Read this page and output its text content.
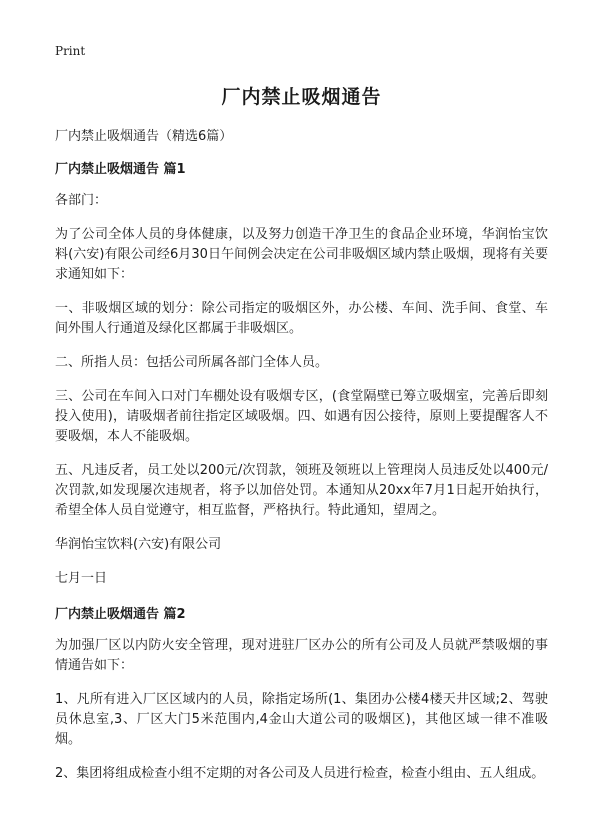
Print
厂内禁止吸烟通告
厂内禁止吸烟通告（精选6篇）
厂内禁止吸烟通告 篇1
各部门：
为了公司全体人员的身体健康，以及努力创造干净卫生的食品企业环境，华润怡宝饮料(六安)有限公司经6月30日午间例会决定在公司非吸烟区域内禁止吸烟，现将有关要求通知如下：
一、非吸烟区域的划分：除公司指定的吸烟区外，办公楼、车间、洗手间、食堂、车间外围人行通道及绿化区都属于非吸烟区。
二、所指人员：包括公司所属各部门全体人员。
三、公司在车间入口对门车棚处设有吸烟专区，(食堂隔壁已筹立吸烟室，完善后即刻投入使用)，请吸烟者前往指定区域吸烟。四、如遇有因公接待，原则上要提醒客人不要吸烟，本人不能吸烟。
五、凡违反者，员工处以200元/次罚款，领班及领班以上管理岗人员违反处以400元/次罚款,如发现屡次违规者，将予以加倍处罚。本通知从20xx年7月1日起开始执行，希望全体人员自觉遵守，相互监督，严格执行。特此通知，望周之。
华润怡宝饮料(六安)有限公司
七月一日
厂内禁止吸烟通告 篇2
为加强厂区以内防火安全管理，现对进驻厂区办公的所有公司及人员就严禁吸烟的事情通告如下：
1、凡所有进入厂区区域内的人员，除指定场所(1、集团办公楼4楼天井区域;2、驾驶员休息室,3、厂区大门5米范围内,4金山大道公司的吸烟区)，其他区域一律不准吸烟。
2、集团将组成检查小组不定期的对各公司及人员进行检查，检查小组由、五人组成。
